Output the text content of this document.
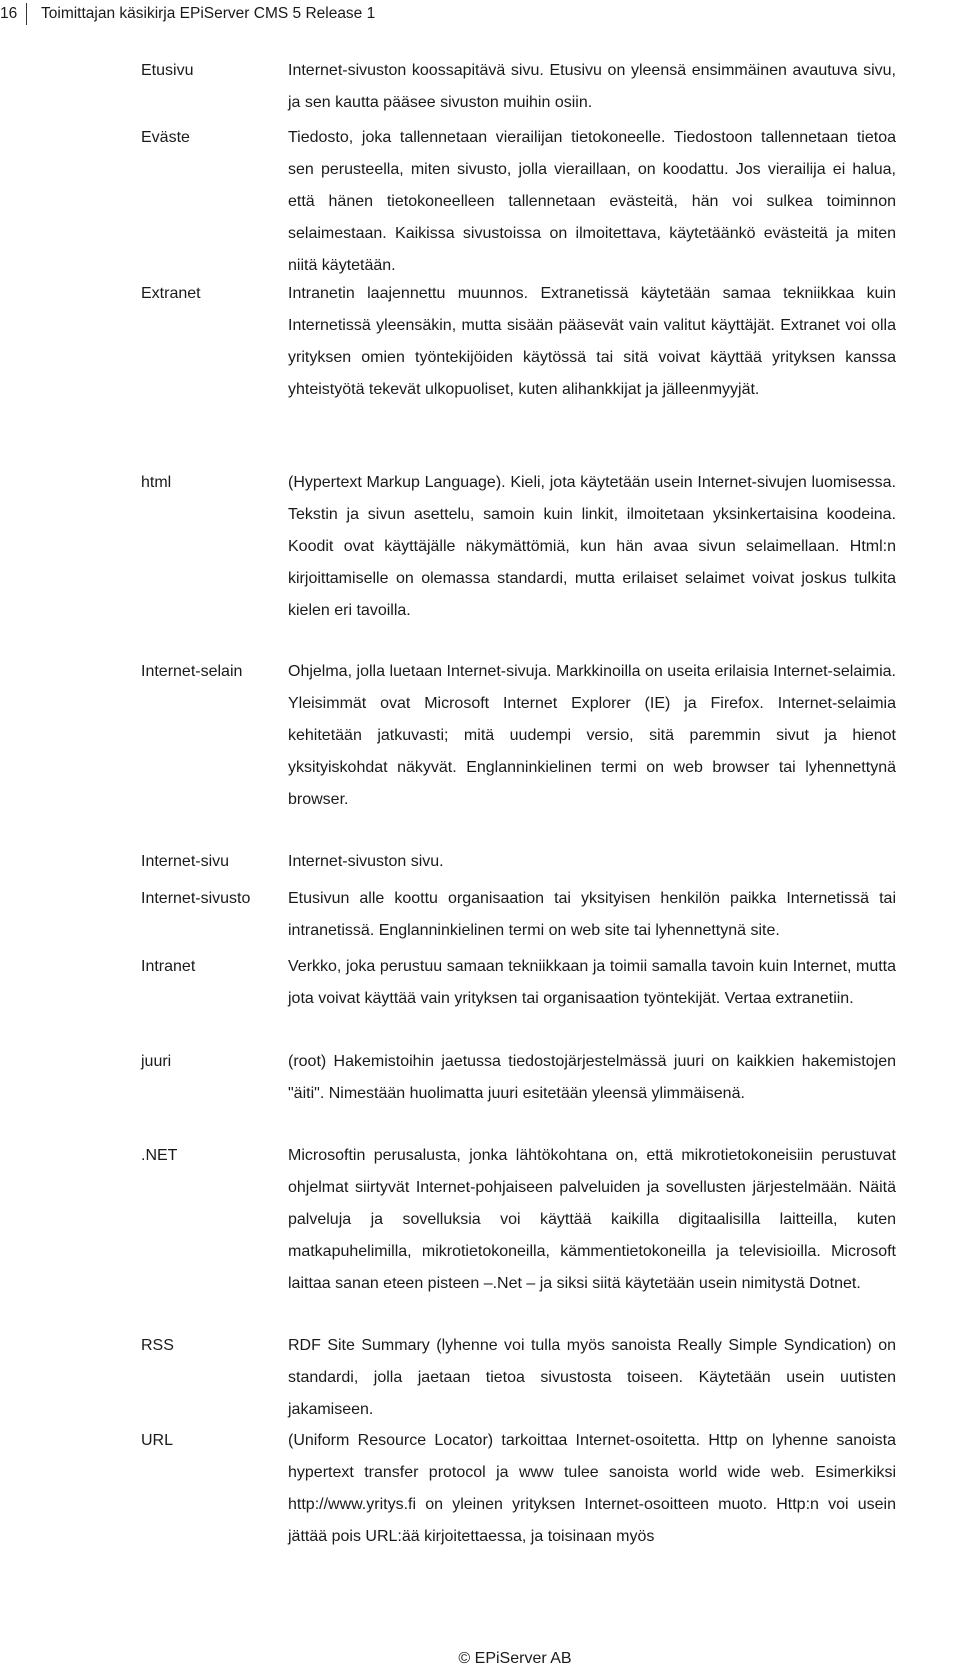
16	Toimittajan käsikirja EPiServer CMS 5 Release 1
Etusivu	Internet-sivuston koossapitävä sivu. Etusivu on yleensä ensimmäinen avautuva sivu, ja sen kautta pääsee sivuston muihin osiin.
Eväste	Tiedosto, joka tallennetaan vierailijan tietokoneelle. Tiedostoon tallennetaan tietoa sen perusteella, miten sivusto, jolla vieraillaan, on koodattu. Jos vierailija ei halua, että hänen tietokoneelleen tallennetaan evästeitä, hän voi sulkea toiminnon selaimestaan. Kaikissa sivustoissa on ilmoitettava, käytetäänkö evästeitä ja miten niitä käytetään.
Extranet	Intranetin laajennettu muunnos. Extranetissä käytetään samaa tekniikkaa kuin Internetissä yleensäkin, mutta sisään pääsevät vain valitut käyttäjät. Extranet voi olla yrityksen omien työntekijöiden käytössä tai sitä voivat käyttää yrityksen kanssa yhteistyötä tekevät ulkopuoliset, kuten alihankkijat ja jälleenmyyjät.
html	(Hypertext Markup Language). Kieli, jota käytetään usein Internet-sivujen luomisessa. Tekstin ja sivun asettelu, samoin kuin linkit, ilmoitetaan yksinkertaisina koodeina. Koodit ovat käyttäjälle näkymättömiä, kun hän avaa sivun selaimellaan. Html:n kirjoittamiselle on olemassa standardi, mutta erilaiset selaimet voivat joskus tulkita kielen eri tavoilla.
Internet-selain	Ohjelma, jolla luetaan Internet-sivuja. Markkinoilla on useita erilaisia Internet-selaimia. Yleisimmät ovat Microsoft Internet Explorer (IE) ja Firefox. Internet-selaimia kehitetään jatkuvasti; mitä uudempi versio, sitä paremmin sivut ja hienot yksityiskohdat näkyvät. Englanninkielinen termi on web browser tai lyhennettynä browser.
Internet-sivu	Internet-sivuston sivu.
Internet-sivusto	Etusivun alle koottu organisaation tai yksityisen henkilön paikka Internetissä tai intranetissä. Englanninkielinen termi on web site tai lyhennettynä site.
Intranet	Verkko, joka perustuu samaan tekniikkaan ja toimii samalla tavoin kuin Internet, mutta jota voivat käyttää vain yrityksen tai organisaation työntekijät. Vertaa extranetiin.
juuri	(root) Hakemistoihin jaetussa tiedostojärjestelmässä juuri on kaikkien hakemistojen "äiti". Nimestään huolimatta juuri esitetään yleensä ylimmäisenä.
.NET	Microsoftin perusalusta, jonka lähtökohtana on, että mikrotietokoneisiin perustuvat ohjelmat siirtyvät Internet-pohjaiseen palveluiden ja sovellusten järjestelmään. Näitä palveluja ja sovelluksia voi käyttää kaikilla digitaalisilla laitteilla, kuten matkapuhelimilla, mikrotietokoneilla, kämmentietokoneilla ja televisioilla. Microsoft laittaa sanan eteen pisteen –.Net – ja siksi siitä käytetään usein nimitystä Dotnet.
RSS	RDF Site Summary (lyhenne voi tulla myös sanoista Really Simple Syndication) on standardi, jolla jaetaan tietoa sivustosta toiseen. Käytetään usein uutisten jakamiseen.
URL	(Uniform Resource Locator) tarkoittaa Internet-osoitetta. Http on lyhenne sanoista hypertext transfer protocol ja www tulee sanoista world wide web. Esimerkiksi http://www.yritys.fi on yleinen yrityksen Internet-osoitteen muoto. Http:n voi usein jättää pois URL:ää kirjoitettaessa, ja toisinaan myös
© EPiServer AB
